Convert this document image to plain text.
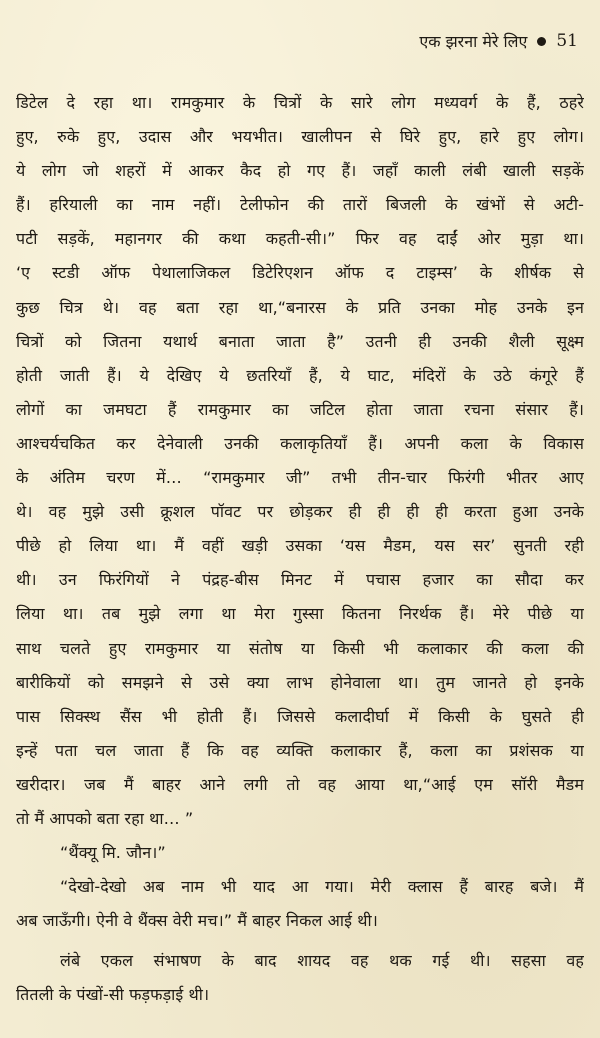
एक झरना मेरे लिए 51
डिटेल दे रहा था। रामकुमार के चित्रों के सारे लोग मध्यवर्ग के हैं, ठहरे
हुए, रुके हुए, उदास और भयभीत। खालीपन से घिरे हुए, हारे हुए लोग।
ये लोग जो शहरों में आकर कैद हो गए हैं। जहाँ काली लंबी खाली सड़कें
हैं। हरियाली का नाम नहीं। टेलीफोन की तारों बिजली के खंभों से अटी-
पटी सड़कें, महानगर की कथा कहती-सी।” फिर वह दाईं ओर मुड़ा था।
‘ए स्टडी ऑफ पेथालाजिकल डिटेरिएशन ऑफ द टाइम्स’ के शीर्षक से
कुछ चित्र थे। वह बता रहा था,“बनारस के प्रति उनका मोह उनके इन
चित्रों को जितना यथार्थ बनाता जाता है” उतनी ही उनकी शैली सूक्ष्म
होती जाती हैं। ये देखिए ये छतरियाँ हैं, ये घाट, मंदिरों के उठे कंगूरे हैं
लोगों का जमघटा हैं रामकुमार का जटिल होता जाता रचना संसार हैं।
आश्चर्यचकित कर देनेवाली उनकी कलाकृतियाँ हैं। अपनी कला के विकास
के अंतिम चरण में… “रामकुमार जी” तभी तीन-चार फिरंगी भीतर आए
थे। वह मुझे उसी क्रूशल पॉवट पर छोड़कर ही ही ही ही करता हुआ उनके
पीछे हो लिया था। मैं वहीं खड़ी उसका ‘यस मैडम, यस सर’ सुनती रही
थी। उन फिरंगियों ने पंद्रह-बीस मिनट में पचास हजार का सौदा कर
लिया था। तब मुझे लगा था मेरा गुस्सा कितना निरर्थक हैं। मेरे पीछे या
साथ चलते हुए रामकुमार या संतोष या किसी भी कलाकार की कला की
बारीकियों को समझने से उसे क्या लाभ होनेवाला था। तुम जानते हो इनके
पास सिक्स्थ सैंस भी होती हैं। जिससे कलादीर्घा में किसी के घुसते ही
इन्हें पता चल जाता हैं कि वह व्यक्ति कलाकार हैं, कला का प्रशंसक या
खरीदार। जब मैं बाहर आने लगी तो वह आया था,“आई एम सॉरी मैडम
तो मैं आपको बता रहा था… ”
“थैंक्यू मि. जौन।”
“देखो-देखो अब नाम भी याद आ गया। मेरी क्लास हैं बारह बजे। मैं
अब जाऊँगी। ऐनी वे थैंक्स वेरी मच।” मैं बाहर निकल आई थी।
लंबे एकल संभाषण के बाद शायद वह थक गई थी। सहसा वह
तितली के पंखों-सी फड़फड़ाई थी।
